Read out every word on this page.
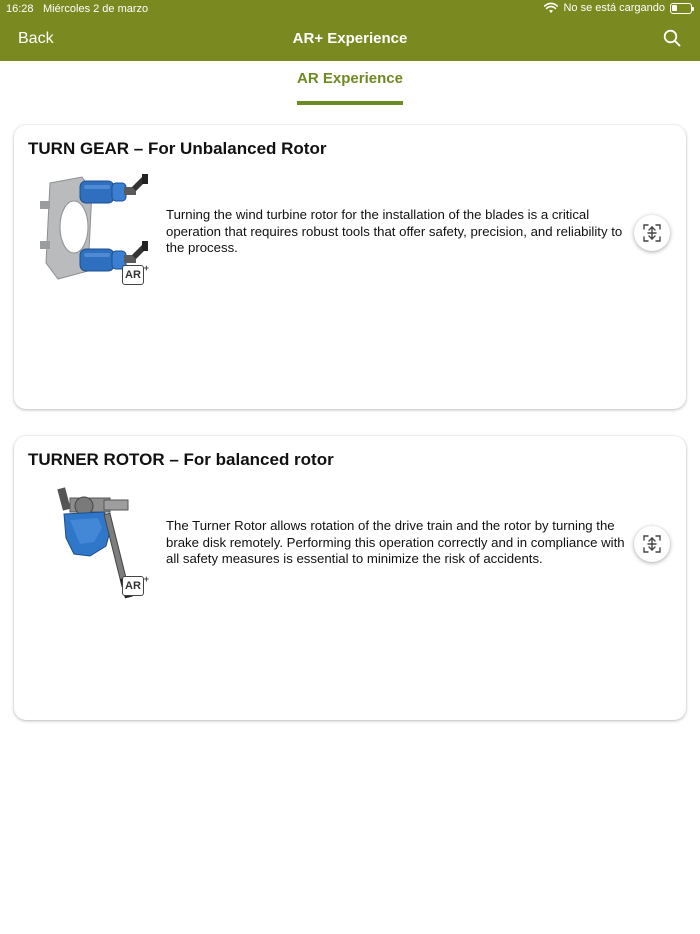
16:28 Miércoles 2 de marzo	No se está cargando
Back	AR+ Experience
AR Experience
TURN GEAR – For Unbalanced Rotor
AR
+
Turning the wind turbine rotor for the installation of the blades is a critical operation that requires robust tools that offer safety, precision, and reliability to the process.
TURNER ROTOR – For balanced rotor
AR
+
The Turner Rotor allows rotation of the drive train and the rotor by turning the brake disk remotely. Performing this operation correctly and in compliance with all safety measures is essential to minimize the risk of accidents.
